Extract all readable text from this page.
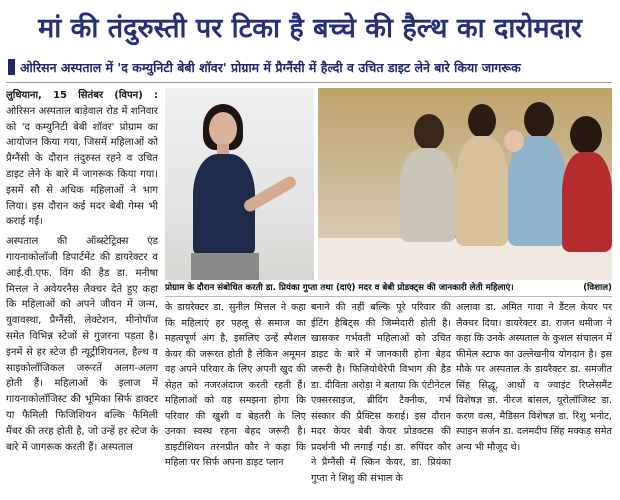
मां की तंदुरुस्ती पर टिका है बच्चे की हैल्थ का दारोमदार
ओरिसन अस्पताल में 'द कम्युनिटी बेबी शॉवर' प्रोग्राम में प्रैग्नैंसी में हैल्दी व उचित डाइट लेने बारे किया जागरूक

लुधियाना, 15 सितंबर (विपन) : ओरिसन अस्पताल बाड़ेवाल रोड में शनिवार को 'द कम्युनिटी बेबी शॉवर' प्रोग्राम का आयोजन किया गया, जिसमें महिलाओं को प्रैग्नैंसी के दौरान तंदुरुस्त रहने व उचित डाइट लेने के बारे में जागरूक किया गया। इसमें सौ से अधिक महिलाओं ने भाग लिया। इस दौरान कई मदर बेबी गेम्स भी कराई गईं।

अस्पताल की ऑब्स्टेट्रिक्स एंड गायनाकोलॉजी डिपार्टमेंट की डायरेक्टर व आई.वी.एफ. विंग की हैड डा. मनीषा मित्तल ने अवेयरनैस लैक्चर देते हुए कहा कि महिलाओं को अपने जीवन में जन्म, युवावस्था, प्रैग्नैंसी, लेक्टेशन, मीनोपॉज समेत विभिन्न स्टेजों से गुजरना पड़ता है। इनमें से हर स्टेज ही न्यूट्रीशियनल, हैल्थ व साइकोलॉजिकल जरूरतें अलग-अलग होती हैं। महिलाओं के इलाज में गायनाकोलॉजिस्ट की भूमिका सिर्फ डाक्टर या फैमिली फिजिशियन बल्कि फैमिली मैंबर की तरह होती है, जो उन्हें हर स्टेज के बारे में जागरूक करती हैं। अस्पताल

प्रोग्राम के दौरान संबोधित करती डा. प्रियंका गुप्ता तथा (दाएं) मदर व बेबी प्रोडक्ट्स की जानकारी लेती महिलाएं।	(विशाल)
के डायरेक्टर डा. सुनील मित्तल ने कहा कि महिलाएं हर पहलू से समाज का महत्वपूर्ण अंग है, इसलिए उन्हें स्पैशल केयर की जरूरत होती है लेकिन अमूमन वह अपने परिवार के लिए अपनी खुद की सेहत को नजरअंदाज करती रहती हैं। महिलाओं को यह समझना होगा कि परिवार की खुशी व बेहतरी के लिए उनका स्वस्थ रहना बेहद जरूरी है। डाइटीशियन तरनप्रीत कौर ने कहा कि महिला पर सिर्फ अपना डाइट प्लान
बनाने की नहीं बल्कि पूरे परिवार की ईटिंग हैबिट्स की जिम्मेदारी होती है। खासकर गर्भवती महिलाओं को उचित डाइट के बारे में जानकारी होना बेहद जरूरी है। फिजियोथैरेपी विभाग की हैड डा. दीविता अरोड़ा ने बताया कि एंटीनेटल एक्सरसाइज, ब्रीदिंग टैक्नीक, गर्भ संस्कार की प्रैक्टिस कराई। इस दौरान मदर केयर बेबी केयर प्रोडक्टस की प्रदर्शनी भी लगाई गई। डा. रुपिंदर कौर ने प्रैग्नैंसी में स्किन केयर, डा. प्रियंका गुप्ता ने शिशु की संभाल के
अलावा डा. अमित गावा ने डैंटल केयर पर लैक्चर दिया। डायरेक्टर डा. राजन धमीजा ने कहा कि उनके अस्पताल के कुशल संचालन में फीमेल स्टाफ का उल्लेखनीय योगदान है। इस मौके पर अस्पताल के डायरैक्टर डा. समजीत सिंह सिद्धू, आर्थो व ज्वाइंट रिप्लेसमैंट विशेषज्ञ डा. नीरज बांसल, यूरोलॉजिस्ट डा. करण वत्स, मैडिसन विशेषज्ञ डा. रिशु भनोट, स्पाइन सर्जन डा. दलमदीप सिंह मक्कड़ समेत अन्य भी मौजूद थे।
